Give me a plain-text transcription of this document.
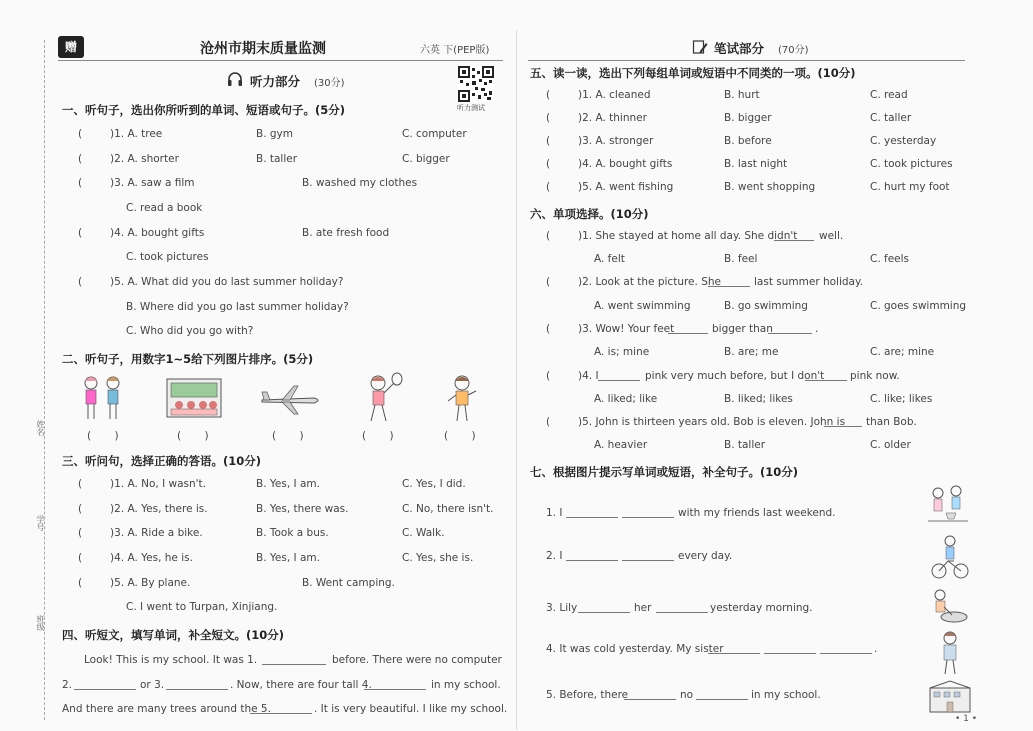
赠	沧州市期末质量监测	六英 下(PEP版)
听力部分 (30分)
听力测试
姓名
学号
班级
一、听句子，选出你所听到的单词、短语或句子。(5分)
(	)1. A. tree	B. gym	C. computer
(	)2. A. shorter	B. taller	C. bigger
(	)3. A. saw a film	B. washed my clothes
C. read a book
(	)4. A. bought gifts	B. ate fresh food
C. took pictures
(	)5. A. What did you do last summer holiday?
B. Where did you go last summer holiday?
C. Who did you go with?
二、听句子，用数字1~5给下列图片排序。(5分)
(       )	(       )	(       )	(       )	(       )
三、听问句，选择正确的答语。(10分)
(	)1. A. No, I wasn't.	B. Yes, I am.	C. Yes, I did.
(	)2. A. Yes, there is.	B. Yes, there was.	C. No, there isn't.
(	)3. A. Ride a bike.	B. Took a bus.	C. Walk.
(	)4. A. Yes, he is.	B. Yes, I am.	C. Yes, she is.
(	)5. A. By plane.	B. Went camping.
C. I went to Turpan, Xinjiang.
四、听短文，填写单词，补全短文。(10分)
Look! This is my school. It was 1.	before. There were no computer
2.	or 3.	. Now, there are four tall 4.	in my school.
And there are many trees around the 5.	. It is very beautiful. I like my school.
笔试部分 (70分)
五、读一读，选出下列每组单词或短语中不同类的一项。(10分)
(	)1. A. cleaned	B. hurt	C. read
(	)2. A. thinner	B. bigger	C. taller
(	)3. A. stronger	B. before	C. yesterday
(	)4. A. bought gifts	B. last night	C. took pictures
(	)5. A. went fishing	B. went shopping	C. hurt my foot
六、单项选择。(10分)
(	)1. She stayed at home all day. She didn't well.
A. felt	B. feel	C. feels
(	)2. Look at the picture. She	last summer holiday.
A. went swimming	B. go swimming	C. goes swimming
(	)3. Wow! Your feet	bigger than	.
A. is; mine	B. are; me	C. are; mine
(	)4. I	pink very much before, but I don't pink now.
A. liked; like	B. liked; likes	C. like; likes
(	)5. John is thirteen years old. Bob is eleven. John is than Bob.
A. heavier	B. taller	C. older
七、根据图片提示写单词或短语，补全句子。(10分)
1. I	with my friends last weekend.
2. I	every day.
3. Lily	her	yesterday morning.
4. It was cold yesterday. My sister	.
5. Before, there	no	in my school.
• 1 •
